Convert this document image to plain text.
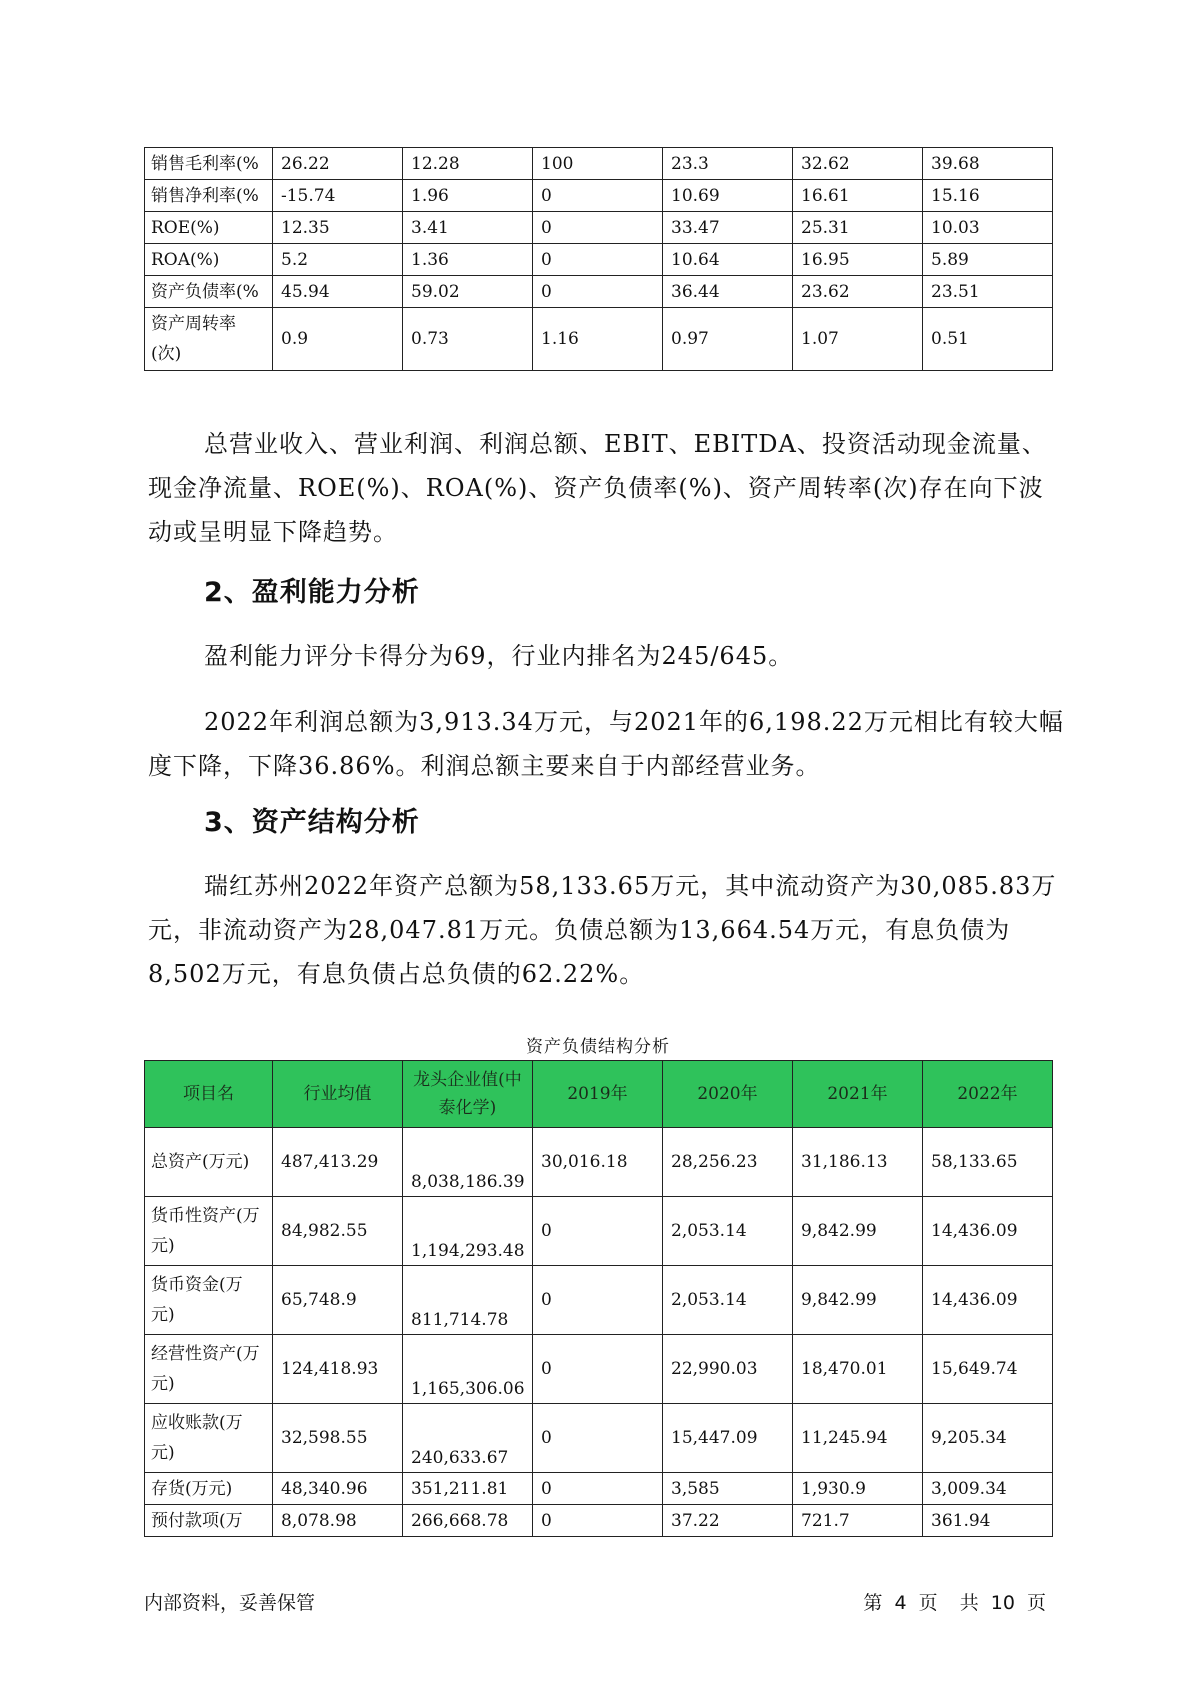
销售毛利率(%	26.22	12.28	100	23.3	32.62	39.68
销售净利率(%	-15.74	1.96	0	10.69	16.61	15.16
ROE(%)	12.35	3.41	0	33.47	25.31	10.03
ROA(%)	5.2	1.36	0	10.64	16.95	5.89
资产负债率(%	45.94	59.02	0	36.44	23.62	23.51
资产周转率(次)	0.9	0.73	1.16	0.97	1.07	0.51

总营业收入、营业利润、利润总额、EBIT、EBITDA、投资活动现金流量、现金净流量、ROE(%)、ROA(%)、资产负债率(%)、资产周转率(次)存在向下波动或呈明显下降趋势。

2、盈利能力分析

盈利能力评分卡得分为69，行业内排名为245/645。

2022年利润总额为3,913.34万元，与2021年的6,198.22万元相比有较大幅度下降，下降36.86%。利润总额主要来自于内部经营业务。

3、资产结构分析

瑞红苏州2022年资产总额为58,133.65万元，其中流动资产为30,085.83万元，非流动资产为28,047.81万元。负债总额为13,664.54万元，有息负债为8,502万元，有息负债占总负债的62.22%。

资产负债结构分析
项目名	行业均值	龙头企业值(中泰化学)	2019年	2020年	2021年	2022年
总资产(万元)	487,413.29	8,038,186.39	30,016.18	28,256.23	31,186.13	58,133.65
货币性资产(万元)	84,982.55	1,194,293.48	0	2,053.14	9,842.99	14,436.09
货币资金(万元)	65,748.9	811,714.78	0	2,053.14	9,842.99	14,436.09
经营性资产(万元)	124,418.93	1,165,306.06	0	22,990.03	18,470.01	15,649.74
应收账款(万元)	32,598.55	240,633.67	0	15,447.09	11,245.94	9,205.34
存货(万元)	48,340.96	351,211.81	0	3,585	1,930.9	3,009.34
预付款项(万	8,078.98	266,668.78	0	37.22	721.7	361.94
内部资料，妥善保管	第 4 页 共 10 页
